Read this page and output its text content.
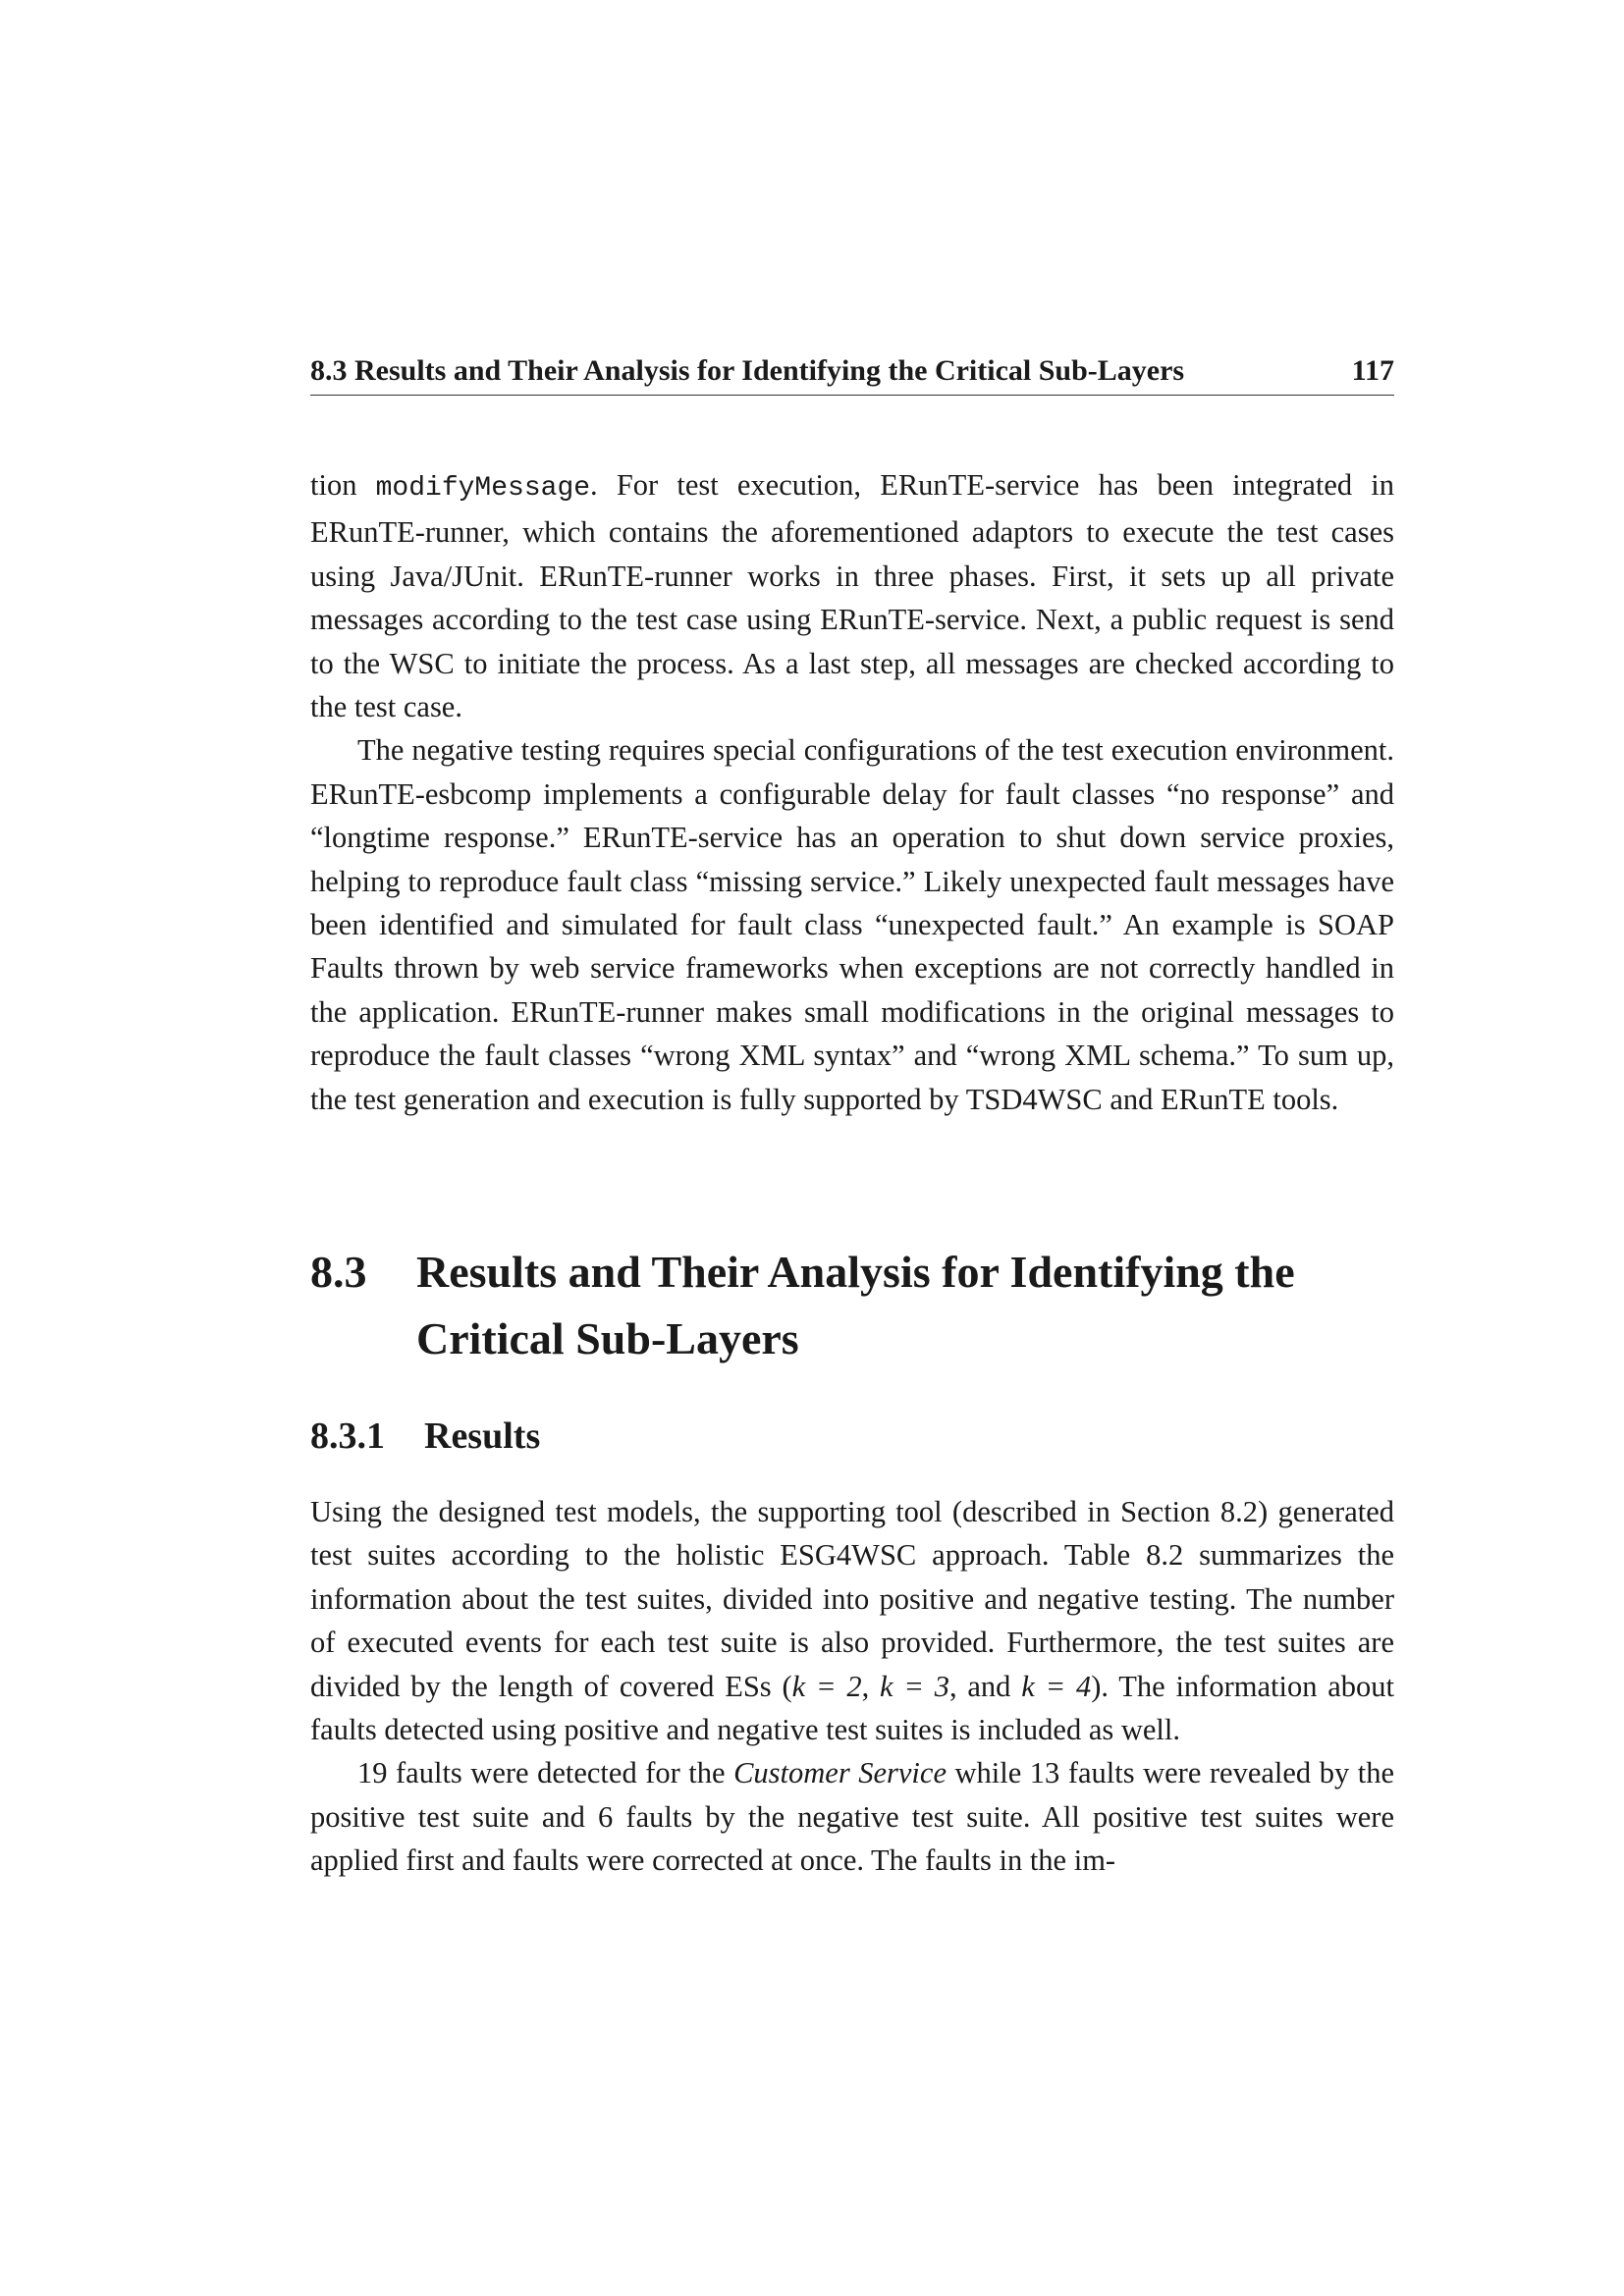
8.3 Results and Their Analysis for Identifying the Critical Sub-Layers	117

tion modifyMessage. For test execution, ERunTE-service has been integrated in ERunTE-runner, which contains the aforementioned adaptors to execute the test cases using Java/JUnit. ERunTE-runner works in three phases. First, it sets up all private messages according to the test case using ERunTE-service. Next, a public request is send to the WSC to initiate the process. As a last step, all messages are checked according to the test case.

The negative testing requires special configurations of the test execution environment. ERunTE-esbcomp implements a configurable delay for fault classes “no response” and “longtime response.” ERunTE-service has an operation to shut down service proxies, helping to reproduce fault class “missing service.” Likely unexpected fault messages have been identified and simulated for fault class “unexpected fault.” An example is SOAP Faults thrown by web service frameworks when exceptions are not correctly handled in the application. ERunTE-runner makes small modifications in the original messages to reproduce the fault classes “wrong XML syntax” and “wrong XML schema.” To sum up, the test generation and execution is fully supported by TSD4WSC and ERunTE tools.

8.3 Results and Their Analysis for Identifying the Critical Sub-Layers
8.3.1 Results

Using the designed test models, the supporting tool (described in Section 8.2) generated test suites according to the holistic ESG4WSC approach. Table 8.2 summarizes the information about the test suites, divided into positive and negative testing. The number of executed events for each test suite is also provided. Furthermore, the test suites are divided by the length of covered ESs (k = 2, k = 3, and k = 4). The information about faults detected using positive and negative test suites is included as well.

19 faults were detected for the Customer Service while 13 faults were revealed by the positive test suite and 6 faults by the negative test suite. All positive test suites were applied first and faults were corrected at once. The faults in the im-
